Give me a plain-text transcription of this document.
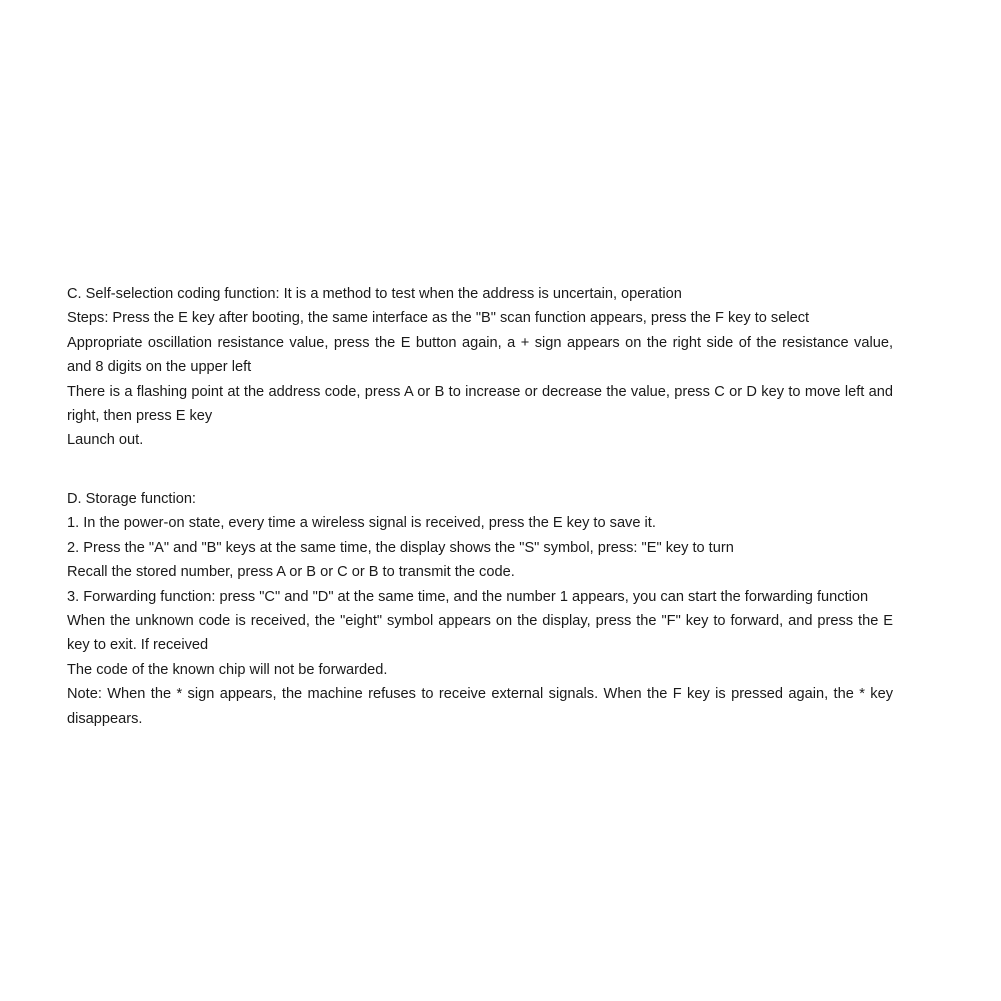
C. Self-selection coding function: It is a method to test when the address is uncertain, operation

Steps: Press the E key after booting, the same interface as the "B" scan function appears, press the F key to select

Appropriate oscillation resistance value, press the E button again, a + sign appears on the right side of the resistance value, and 8 digits on the upper left

There is a flashing point at the address code, press A or B to increase or decrease the value, press C or D key to move left and right, then press E key

Launch out.

D. Storage function:

1. In the power-on state, every time a wireless signal is received, press the E key to save it.

2. Press the "A" and "B" keys at the same time, the display shows the "S" symbol, press: "E" key to turn

Recall the stored number, press A or B or C or B to transmit the code.

3. Forwarding function: press "C" and "D" at the same time, and the number 1 appears, you can start the forwarding function

When the unknown code is received, the "eight" symbol appears on the display, press the "F" key to forward, and press the E key to exit. If received

The code of the known chip will not be forwarded.

Note: When the * sign appears, the machine refuses to receive external signals. When the F key is pressed again, the * key disappears.
